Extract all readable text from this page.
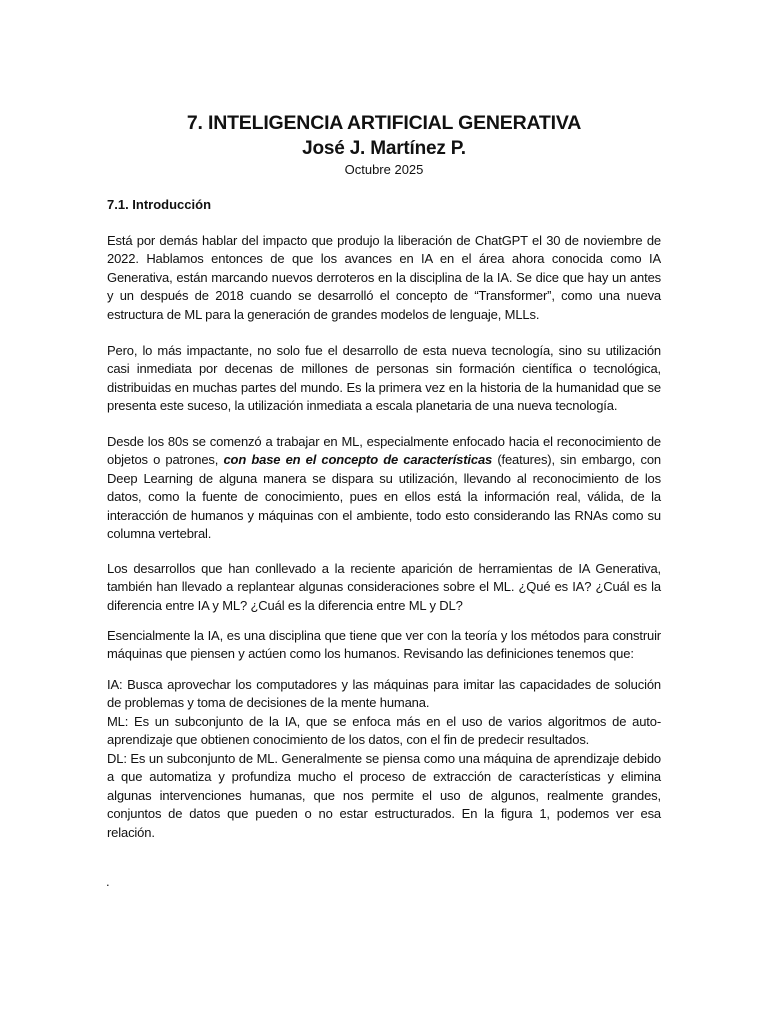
7. INTELIGENCIA ARTIFICIAL GENERATIVA
José J. Martínez P.
Octubre 2025
7.1. Introducción

Está por demás hablar del impacto que produjo la liberación de ChatGPT el 30 de noviembre de 2022. Hablamos entonces de que los avances en IA en el área ahora conocida como IA Generativa, están marcando nuevos derroteros en la disciplina de la IA. Se dice que hay un antes y un después de 2018 cuando se desarrolló el concepto de “Transformer”, como una nueva estructura de ML para la generación de grandes modelos de lenguaje, MLLs.

Pero, lo más impactante, no solo fue el desarrollo de esta nueva tecnología, sino su utilización casi inmediata por decenas de millones de personas sin formación científica o tecnológica, distribuidas en muchas partes del mundo. Es la primera vez en la historia de la humanidad que se presenta este suceso, la utilización inmediata a escala planetaria de una nueva tecnología.

Desde los 80s se comenzó a trabajar en ML, especialmente enfocado hacia el reconocimiento de objetos o patrones, con base en el concepto de características (features), sin embargo, con Deep Learning de alguna manera se dispara su utilización, llevando al reconocimiento de los datos, como la fuente de conocimiento, pues en ellos está la información real, válida, de la interacción de humanos y máquinas con el ambiente, todo esto considerando las RNAs como su columna vertebral.

Los desarrollos que han conllevado a la reciente aparición de herramientas de IA Generativa, también han llevado a replantear algunas consideraciones sobre el ML. ¿Qué es IA? ¿Cuál es la diferencia entre IA y ML? ¿Cuál es la diferencia entre ML y DL?

Esencialmente la IA, es una disciplina que tiene que ver con la teoría y los métodos para construir máquinas que piensen y actúen como los humanos. Revisando las definiciones tenemos que:

IA: Busca aprovechar los computadores y las máquinas para imitar las capacidades de solución de problemas y toma de decisiones de la mente humana.

ML: Es un subconjunto de la IA, que se enfoca más en el uso de varios algoritmos de auto-aprendizaje que obtienen conocimiento de los datos, con el fin de predecir resultados.

DL: Es un subconjunto de ML. Generalmente se piensa como una máquina de aprendizaje debido a que automatiza y profundiza mucho el proceso de extracción de características y elimina algunas intervenciones humanas, que nos permite el uso de algunos, realmente grandes, conjuntos de datos que pueden o no estar estructurados. En la figura 1, podemos ver esa relación.

.
